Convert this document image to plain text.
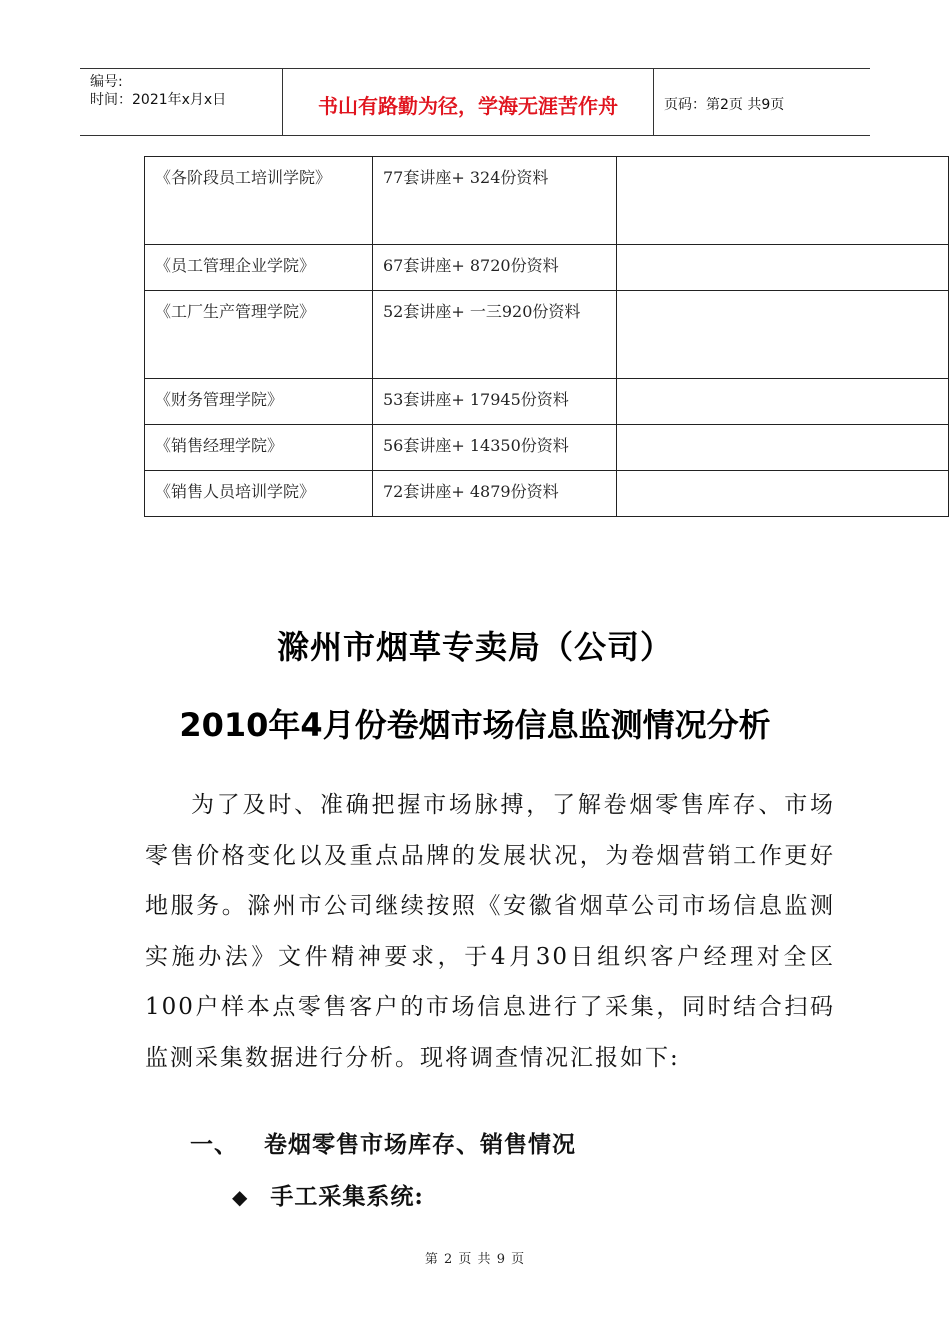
编号:
时间：2021年x月x日	书山有路勤为径，学海无涯苦作舟	页码：第2页 共9页
《各阶段员工培训学院》	77套讲座+ 324份资料	
《员工管理企业学院》	67套讲座+ 8720份资料	
《工厂生产管理学院》	52套讲座+ 一三920份资料	
《财务管理学院》	53套讲座+ 17945份资料	
《销售经理学院》	56套讲座+ 14350份资料	
《销售人员培训学院》	72套讲座+ 4879份资料	
滁州市烟草专卖局（公司）
2010年4月份卷烟市场信息监测情况分析
为了及时、准确把握市场脉搏，了解卷烟零售库存、市场零售价格变化以及重点品牌的发展状况，为卷烟营销工作更好地服务。滁州市公司继续按照《安徽省烟草公司市场信息监测实施办法》文件精神要求，于4月30日组织客户经理对全区100户样本点零售客户的市场信息进行了采集，同时结合扫码监测采集数据进行分析。现将调查情况汇报如下:
一、 卷烟零售市场库存、销售情况
◆ 手工采集系统:
第 2 页 共 9 页
